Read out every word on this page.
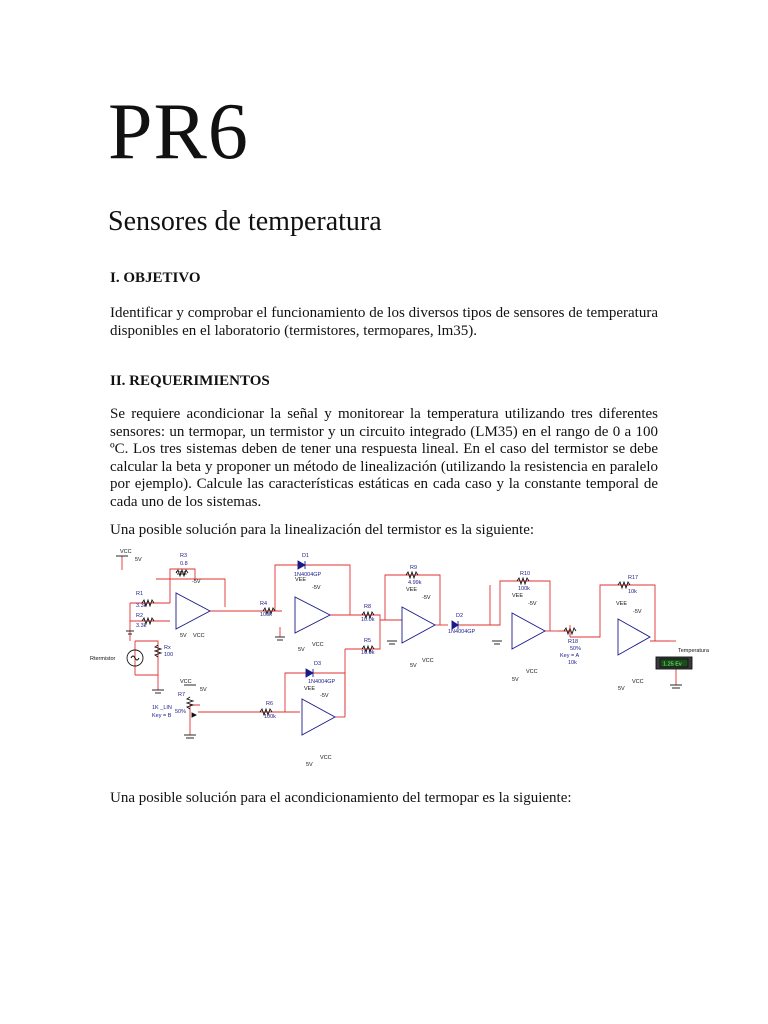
PR6
Sensores de temperatura
I. OBJETIVO

Identificar y comprobar el funcionamiento de los diversos tipos de sensores de temperatura disponibles en el laboratorio (termistores, termopares, lm35).

II. REQUERIMIENTOS

Se requiere acondicionar la señal y monitorear la temperatura utilizando tres diferentes sensores: un termopar, un termistor y un circuito integrado (LM35) en el rango de 0 a 100 ºC. Los tres sistemas deben de tener una respuesta lineal. En el caso del termistor se debe calcular la beta y proponer un método de linealización (utilizando la resistencia en paralelo por ejemplo). Calcule las características estáticas en cada caso y la constante temporal de cada uno de los sistemas.

Una posible solución para la linealización del termistor es la siguiente:

VCC
5V
R3
0.8
VEE
-5V
R1
3.3k
R2
3.3k
Rx
100
Rtermistor
5V VCC
R4
100k
D1
1N4004GP
VEE
-5V
5V
VCC
R8
10.0k
R5
10.0k
R9
4.99k
VEE
-5V
5V
VCC
D2
1N4004GP
R10
100k
VEE
-5V
5V
VCC
R18
50%
Key = A
10k
R17
10k
VEE
-5V
5V
VCC
Temperatura
1.25 Ev
VCC
5V
R7
1K _LIN
50%
Key = B
R6
100k
D3
1N4004GP
VEE
-5V
5V
VCC

Una posible solución para el acondicionamiento del termopar es la siguiente:
